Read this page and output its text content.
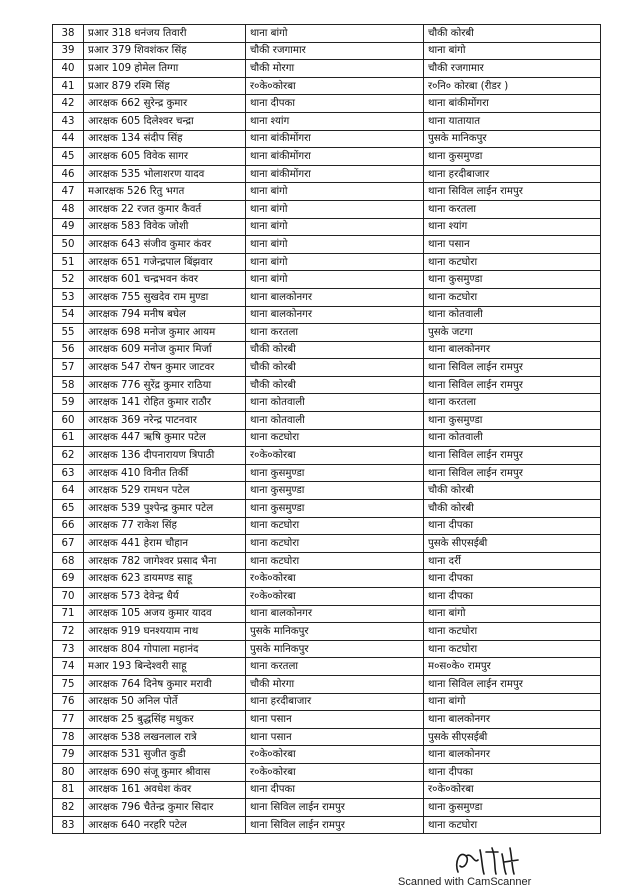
38	प्रआर 318 धनंजय तिवारी	थाना बांगो	चौकी कोरबी
39	प्रआर 379 शिवशंकर सिंह	चौकी रजगामार	थाना बांगो
40	प्रआर 109 होमेल तिग्गा	चौकी मोरगा	चौकी रजगामार
41	प्रआर 879 रश्मि सिंह	र०के०कोरबा	र०नि० कोरबा (रीडर )
42	आरक्षक 662 सुरेन्द्र कुमार	थाना दीपका	थाना बांकीमोंगरा
43	आरक्षक 605 दिलेश्वर चन्द्रा	थाना श्यांग	थाना यातायात
44	आरक्षक 134 संदीप सिंह	थाना बांकीमोंगरा	पुसके मानिकपुर
45	आरक्षक 605 विवेक सागर	थाना बांकीमोंगरा	थाना कुसमुण्डा
46	आरक्षक 535 भोलाशरण यादव	थाना बांकीमोंगरा	थाना हरदीबाजार
47	मआरक्षक 526 रितु भगत	थाना बांगो	थाना सिविल लाईन रामपुर
48	आरक्षक 22 रजत कुमार कैवर्त	थाना बांगो	थाना करतला
49	आरक्षक 583 विवेक जोशी	थाना बांगो	थाना श्यांग
50	आरक्षक 643 संजीव कुमार कंवर	थाना बांगो	थाना पसान
51	आरक्षक 651 गजेन्द्रपाल बिंझवार	थाना बांगो	थाना कटघोरा
52	आरक्षक 601 चन्द्रभवन कंवर	थाना बांगो	थाना कुसमुण्डा
53	आरक्षक 755 सुखदेव राम मुण्डा	थाना बालकोनगर	थाना कटघोरा
54	आरक्षक 794 मनीष बघेल	थाना बालकोनगर	थाना कोतवाली
55	आरक्षक 698 मनोज कुमार आयम	थाना करतला	पुसके जटगा
56	आरक्षक 609 मनोज कुमार मिर्जा	चौकी कोरबी	थाना बालकोनगर
57	आरक्षक 547 रोषन कुमार जाटवर	चौकी कोरबी	थाना सिविल लाईन रामपुर
58	आरक्षक 776 सुरेंद्र कुमार राठिया	चौकी कोरबी	थाना सिविल लाईन रामपुर
59	आरक्षक 141 रोहित कुमार राठौर	थाना कोतवाली	थाना करतला
60	आरक्षक 369 नरेन्द्र पाटनवार	थाना कोतवाली	थाना कुसमुण्डा
61	आरक्षक 447 ऋषि कुमार पटेल	थाना कटघोरा	थाना कोतवाली
62	आरक्षक 136 दीपनारायण त्रिपाठी	र०के०कोरबा	थाना सिविल लाईन रामपुर
63	आरक्षक 410 विनीत तिर्की	थाना कुसमुण्डा	थाना सिविल लाईन रामपुर
64	आरक्षक 529 रामधन पटेल	थाना कुसमुण्डा	चौकी कोरबी
65	आरक्षक 539 पुश्पेन्द्र कुमार पटेल	थाना कुसमुण्डा	चौकी कोरबी
66	आरक्षक 77 राकेश सिंह	थाना कटघोरा	थाना दीपका
67	आरक्षक 441 हेराम चौहान	थाना कटघोरा	पुसके सीएसईबी
68	आरक्षक 782 जागेश्वर प्रसाद भैना	थाना कटघोरा	थाना दर्री
69	आरक्षक 623 डायमण्ड साहू	र०के०कोरबा	थाना दीपका
70	आरक्षक 573 देवेन्द्र धैर्य	र०के०कोरबा	थाना दीपका
71	आरक्षक 105 अजय कुमार यादव	थाना बालकोनगर	थाना बांगो
72	आरक्षक 919 घनश्ययाम नाथ	पुसके मानिकपुर	थाना कटघोरा
73	आरक्षक 804 गोपाला महानंद	पुसके मानिकपुर	थाना कटघोरा
74	मआर 193 बिन्देश्वरी साहू	थाना करतला	म०स०के० रामपुर
75	आरक्षक 764 दिनेष कुमार मरावी	चौकी मोरगा	थाना सिविल लाईन रामपुर
76	आरक्षक 50 अनिल पोर्ते	थाना हरदीबाजार	थाना बांगो
77	आरक्षक 25 बुद्धसिंह मधुकर	थाना पसान	थाना बालकोनगर
78	आरक्षक 538 लखनलाल रात्रे	थाना पसान	पुसके सीएसईबी
79	आरक्षक 531 सुजीत कुडी	र०के०कोरबा	थाना बालकोनगर
80	आरक्षक 690 संजू कुमार श्रीवास	र०के०कोरबा	थाना दीपका
81	आरक्षक 161 अवधेश कंवर	थाना दीपका	र०के०कोरबा
82	आरक्षक 796 चैतेन्द्र कुमार सिदार	थाना सिविल लाईन रामपुर	थाना कुसमुण्डा
83	आरक्षक 640 नरहरि पटेल	थाना सिविल लाईन रामपुर	थाना कटघोरा
Scanned with CamScanner
